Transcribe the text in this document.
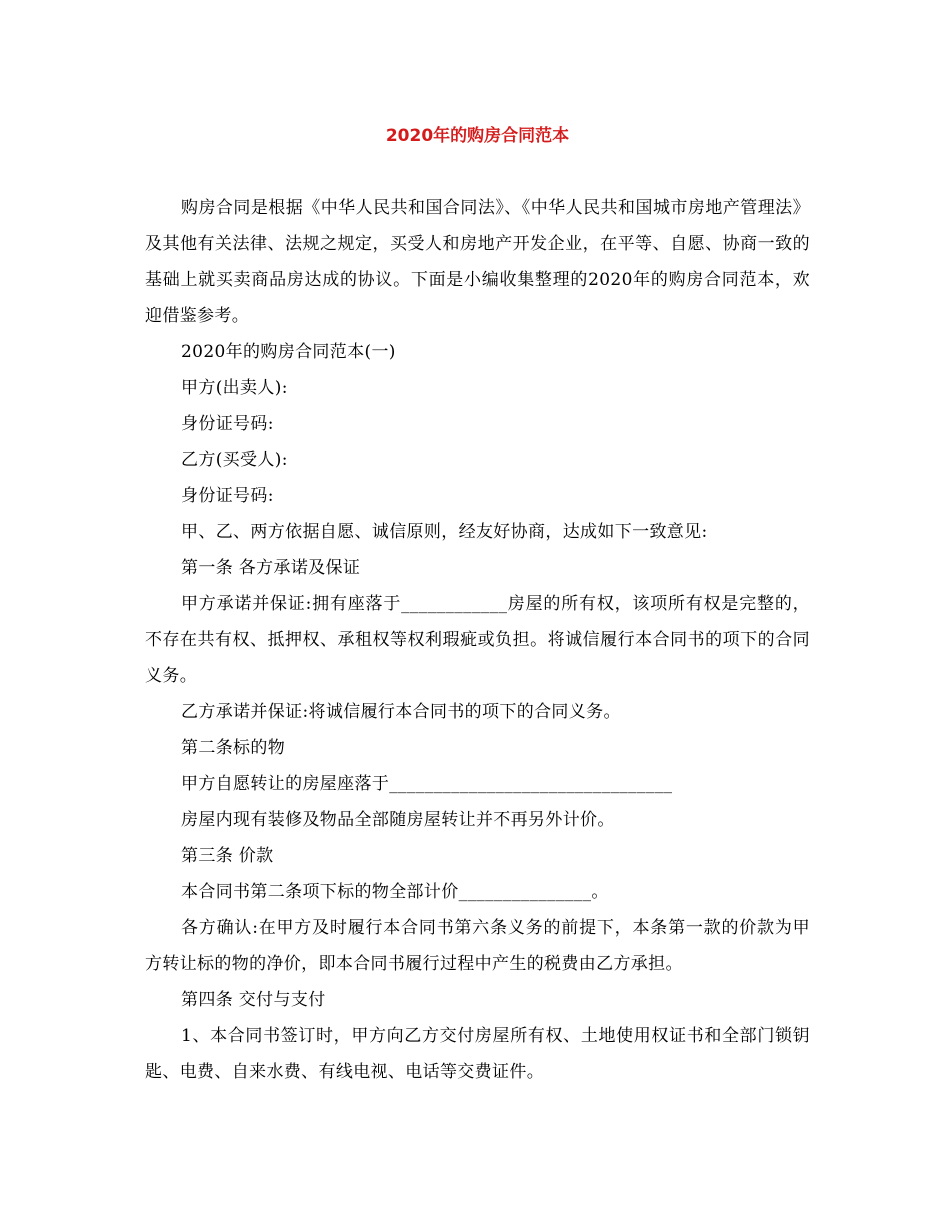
2020年的购房合同范本

购房合同是根据《中华人民共和国合同法》、《中华人民共和国城市房地产管理法》及其他有关法律、法规之规定，买受人和房地产开发企业，在平等、自愿、协商一致的基础上就买卖商品房达成的协议。下面是小编收集整理的2020年的购房合同范本，欢迎借鉴参考。

2020年的购房合同范本(一)

甲方(出卖人):

身份证号码:

乙方(买受人):

身份证号码:

甲、乙、两方依据自愿、诚信原则，经友好协商，达成如下一致意见:

第一条 各方承诺及保证

甲方承诺并保证:拥有座落于____________房屋的所有权，该项所有权是完整的，不存在共有权、抵押权、承租权等权利瑕疵或负担。将诚信履行本合同书的项下的合同义务。

乙方承诺并保证:将诚信履行本合同书的项下的合同义务。

第二条标的物

甲方自愿转让的房屋座落于________________________________

房屋内现有装修及物品全部随房屋转让并不再另外计价。

第三条 价款

本合同书第二条项下标的物全部计价_______________。

各方确认:在甲方及时履行本合同书第六条义务的前提下，本条第一款的价款为甲方转让标的物的净价，即本合同书履行过程中产生的税费由乙方承担。

第四条 交付与支付

1、本合同书签订时，甲方向乙方交付房屋所有权、土地使用权证书和全部门锁钥匙、电费、自来水费、有线电视、电话等交费证件。
